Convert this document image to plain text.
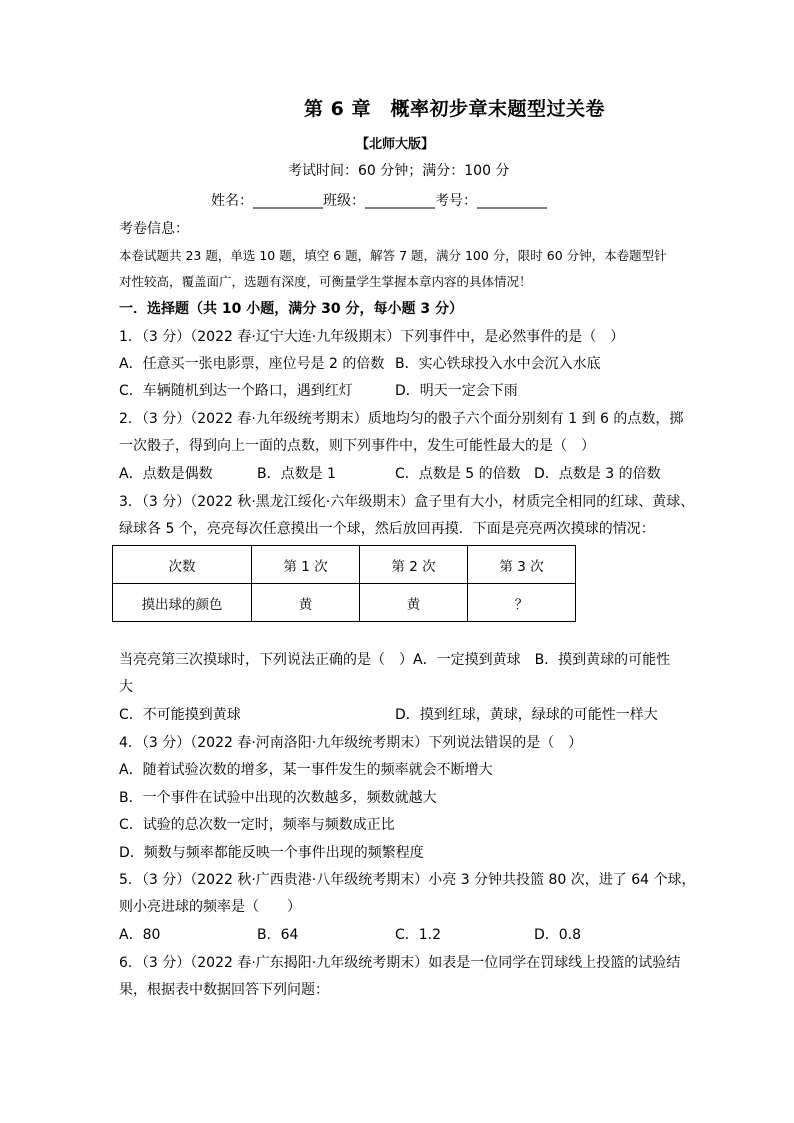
第 6 章　概率初步章末题型过关卷
【北师大版】
考试时间：60 分钟；满分：100 分
姓名：__________班级：__________考号：__________
考卷信息：
本卷试题共 23 题，单选 10 题，填空 6 题，解答 7 题，满分 100 分，限时 60 分钟，本卷题型针
对性较高，覆盖面广，选题有深度，可衡量学生掌握本章内容的具体情况！
一．选择题（共 10 小题，满分 30 分，每小题 3 分）
1．（3 分）（2022 春·辽宁大连·九年级期末）下列事件中，是必然事件的是（　）
A．任意买一张电影票，座位号是 2 的倍数 B．实心铁球投入水中会沉入水底
C．车辆随机到达一个路口，遇到红灯	D．明天一定会下雨
2．（3 分）（2022 春·九年级统考期末）质地均匀的骰子六个面分别刻有 1 到 6 的点数，掷
一次骰子，得到向上一面的点数，则下列事件中，发生可能性最大的是（　）
A．点数是偶数	B．点数是 1	C．点数是 5 的倍数 D．点数是 3 的倍数
3．（3 分）（2022 秋·黑龙江绥化·六年级期末）盒子里有大小，材质完全相同的红球、黄球、
绿球各 5 个，亮亮每次任意摸出一个球，然后放回再摸．下面是亮亮两次摸球的情况：
次数	第 1 次	第 2 次	第 3 次
摸出球的颜色	黄	黄	？
当亮亮第三次摸球时，下列说法正确的是（　）A．一定摸到黄球　B．摸到黄球的可能性
大
C．不可能摸到黄球	D．摸到红球，黄球，绿球的可能性一样大
4．（3 分）（2022 春·河南洛阳·九年级统考期末）下列说法错误的是（　）
A．随着试验次数的增多，某一事件发生的频率就会不断增大
B．一个事件在试验中出现的次数越多，频数就越大
C．试验的总次数一定时，频率与频数成正比
D．频数与频率都能反映一个事件出现的频繁程度
5．（3 分）（2022 秋·广西贵港·八年级统考期末）小亮 3 分钟共投篮 80 次，进了 64 个球，
则小亮进球的频率是（　　）
A．80	B．64	C．1.2	D．0.8
6．（3 分）（2022 春·广东揭阳·九年级统考期末）如表是一位同学在罚球线上投篮的试验结
果，根据表中数据回答下列问题：
